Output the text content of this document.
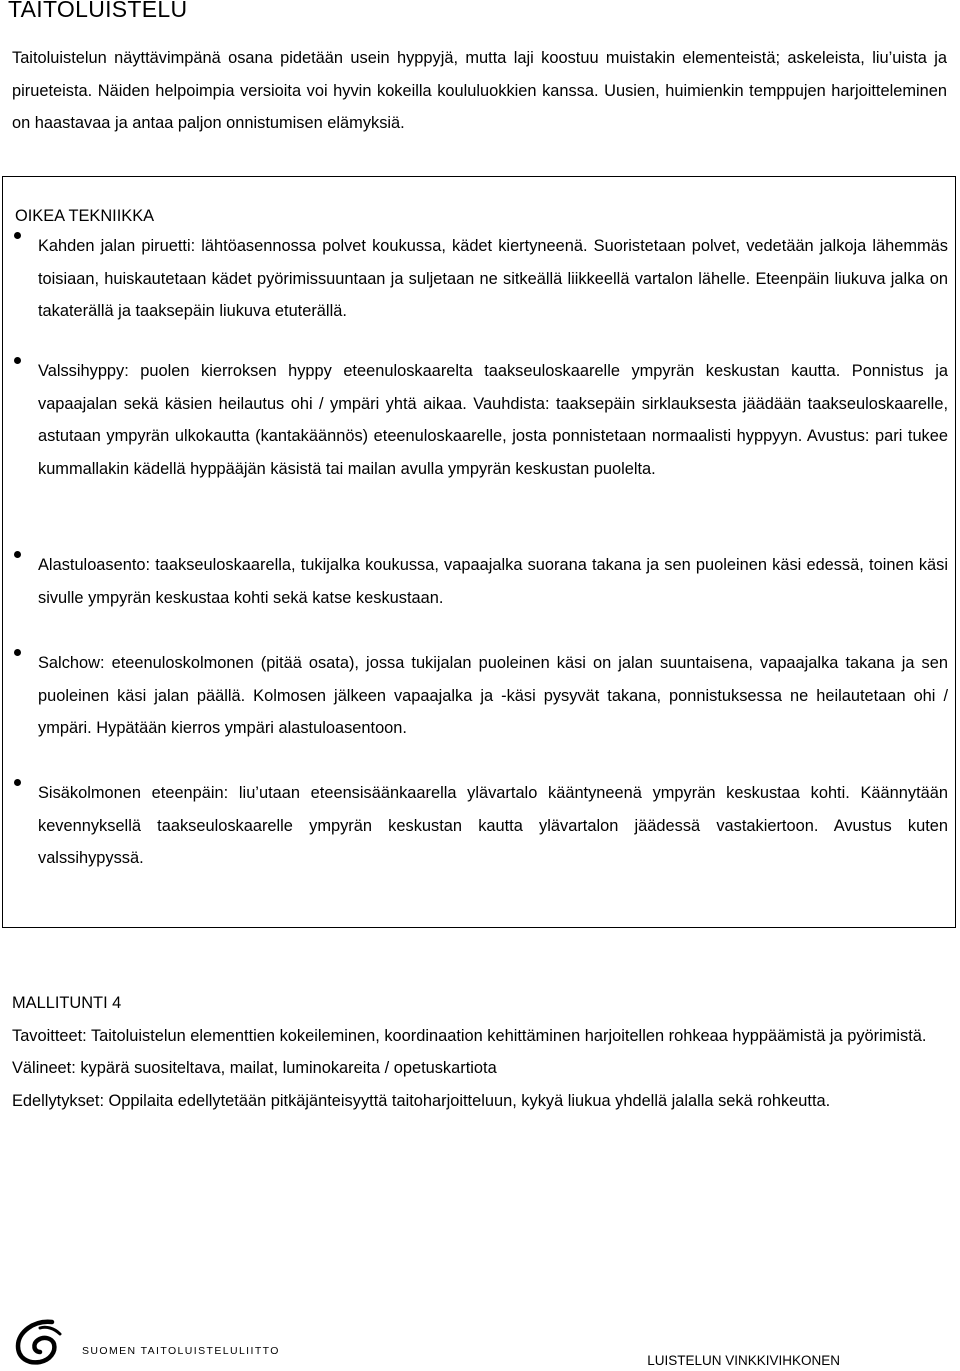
TAITOLUISTELU

Taitoluistelun näyttävimpänä osana pidetään usein hyppyjä, mutta laji koostuu muistakin elementeistä; askeleista, liu’uista ja pirueteista. Näiden helpoimpia versioita voi hyvin kokeilla koululuokkien kanssa. Uusien, huimienkin temppujen harjoitteleminen on haastavaa ja antaa paljon onnistumisen elämyksiä.

OIKEA TEKNIIKKA
Kahden jalan piruetti: lähtöasennossa polvet koukussa, kädet kiertyneenä. Suoristetaan polvet, vedetään jalkoja lähemmäs toisiaan, huiskautetaan kädet pyörimissuuntaan ja suljetaan ne sitkeällä liikkeellä vartalon lähelle. Eteenpäin liukuva jalka on takaterällä ja taaksepäin liukuva etuterällä.
Valssihyppy: puolen kierroksen hyppy eteenuloskaarelta taakseuloskaarelle ympyrän keskustan kautta. Ponnistus ja vapaajalan sekä käsien heilautus ohi / ympäri yhtä aikaa. Vauhdista: taaksepäin sirklauksesta jäädään taakseuloskaarelle, astutaan ympyrän ulkokautta (kantakäännös) eteenuloskaarelle, josta ponnistetaan normaalisti hyppyyn. Avustus: pari tukee kummallakin kädellä hyppääjän käsistä tai mailan avulla ympyrän keskustan puolelta.
Alastuloasento: taakseuloskaarella, tukijalka koukussa, vapaajalka suorana takana ja sen puoleinen käsi edessä, toinen käsi sivulle ympyrän keskustaa kohti sekä katse keskustaan.
Salchow: eteenuloskolmonen (pitää osata), jossa tukijalan puoleinen käsi on jalan suuntaisena, vapaajalka takana ja sen puoleinen käsi jalan päällä. Kolmosen jälkeen vapaajalka ja -käsi pysyvät takana, ponnistuksessa ne heilautetaan ohi / ympäri. Hypätään kierros ympäri alastuloasentoon.
Sisäkolmonen eteenpäin: liu’utaan eteensisäänkaarella ylävartalo kääntyneenä ympyrän keskustaa kohti. Käännytään kevennyksellä taakseuloskaarelle ympyrän keskustan kautta ylävartalon jäädessä vastakiertoon. Avustus kuten valssihypyssä.

MALLITUNTI 4

Tavoitteet: Taitoluistelun elementtien kokeileminen, koordinaation kehittäminen harjoitellen rohkeaa hyppäämistä ja pyörimistä.

Välineet: kypärä suositeltava, mailat, luminokareita / opetuskartiota

Edellytykset: Oppilaita edellytetään pitkäjänteisyyttä taitoharjoitteluun, kykyä liukua yhdellä jalalla sekä rohkeutta.

SUOMEN TAITOLUISTELULIITTO
LUISTELUN VINKKIVIHKONEN
